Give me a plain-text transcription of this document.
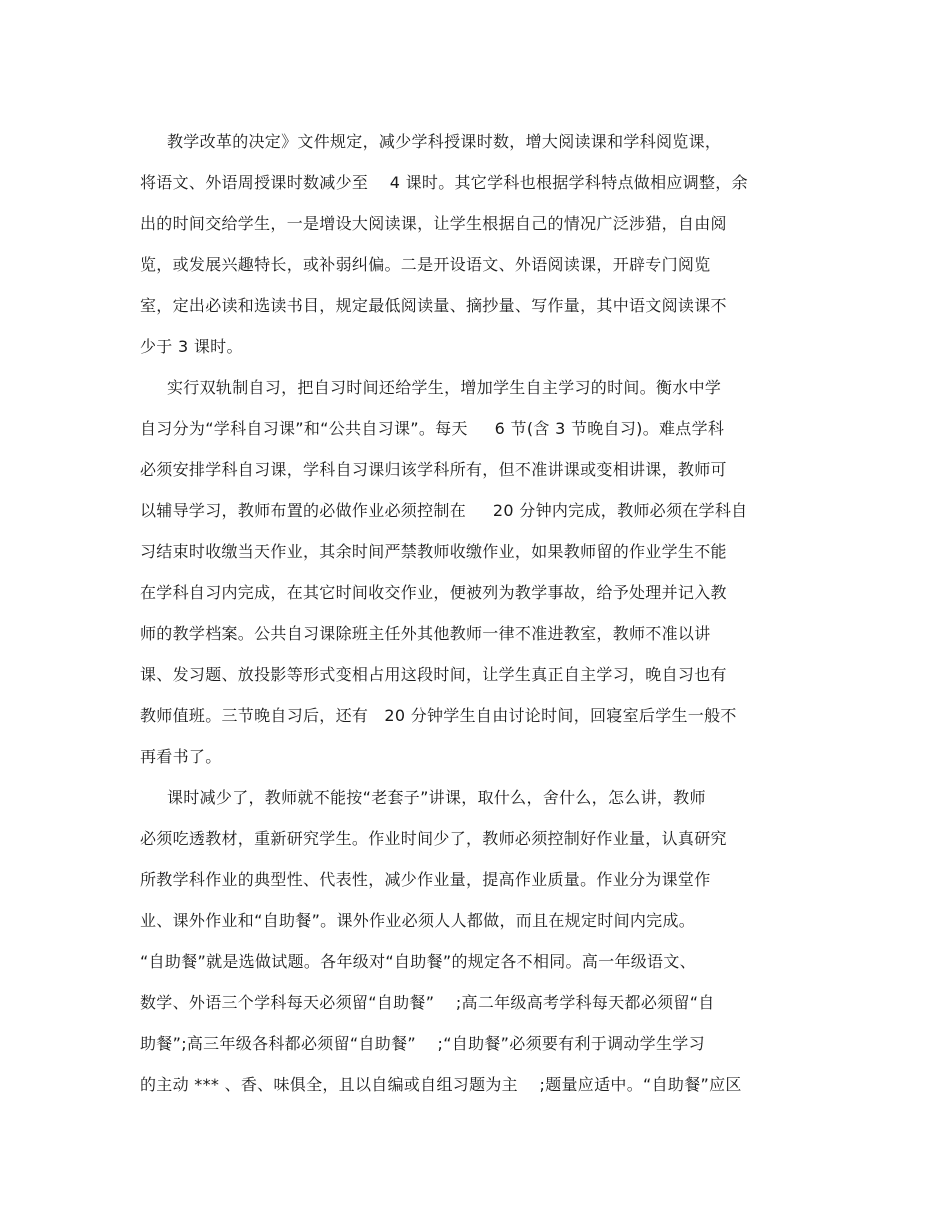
教学改革的决定》文件规定，减少学科授课时数，增大阅读课和学科阅览课，
将语文、外语周授课时数减少至    4 课时。其它学科也根据学科特点做相应调整，余
出的时间交给学生，一是增设大阅读课，让学生根据自己的情况广泛涉猎，自由阅
览，或发展兴趣特长，或补弱纠偏。二是开设语文、外语阅读课，开辟专门阅览
室，定出必读和选读书目，规定最低阅读量、摘抄量、写作量，其中语文阅读课不
少于 3 课时。
实行双轨制自习，把自习时间还给学生，增加学生自主学习的时间。衡水中学
自习分为“学科自习课”和“公共自习课”。每天     6 节(含 3 节晚自习)。难点学科
必须安排学科自习课，学科自习课归该学科所有，但不准讲课或变相讲课，教师可
以辅导学习，教师布置的必做作业必须控制在     20 分钟内完成，教师必须在学科自
习结束时收缴当天作业，其余时间严禁教师收缴作业，如果教师留的作业学生不能
在学科自习内完成，在其它时间收交作业，便被列为教学事故，给予处理并记入教
师的教学档案。公共自习课除班主任外其他教师一律不准进教室，教师不准以讲
课、发习题、放投影等形式变相占用这段时间，让学生真正自主学习，晚自习也有
教师值班。三节晚自习后，还有   20 分钟学生自由讨论时间，回寝室后学生一般不
再看书了。
课时减少了，教师就不能按“老套子”讲课，取什么，舍什么，怎么讲，教师
必须吃透教材，重新研究学生。作业时间少了，教师必须控制好作业量，认真研究
所教学科作业的典型性、代表性，减少作业量，提高作业质量。作业分为课堂作
业、课外作业和“自助餐”。课外作业必须人人都做，而且在规定时间内完成。
“自助餐”就是选做试题。各年级对“自助餐”的规定各不相同。高一年级语文、
数学、外语三个学科每天必须留“自助餐”    ;高二年级高考学科每天都必须留“自
助餐”;高三年级各科都必须留“自助餐”    ;“自助餐”必须要有利于调动学生学习
的主动 *** 、香、味俱全，且以自编或自组习题为主    ;题量应适中。“自助餐”应区
